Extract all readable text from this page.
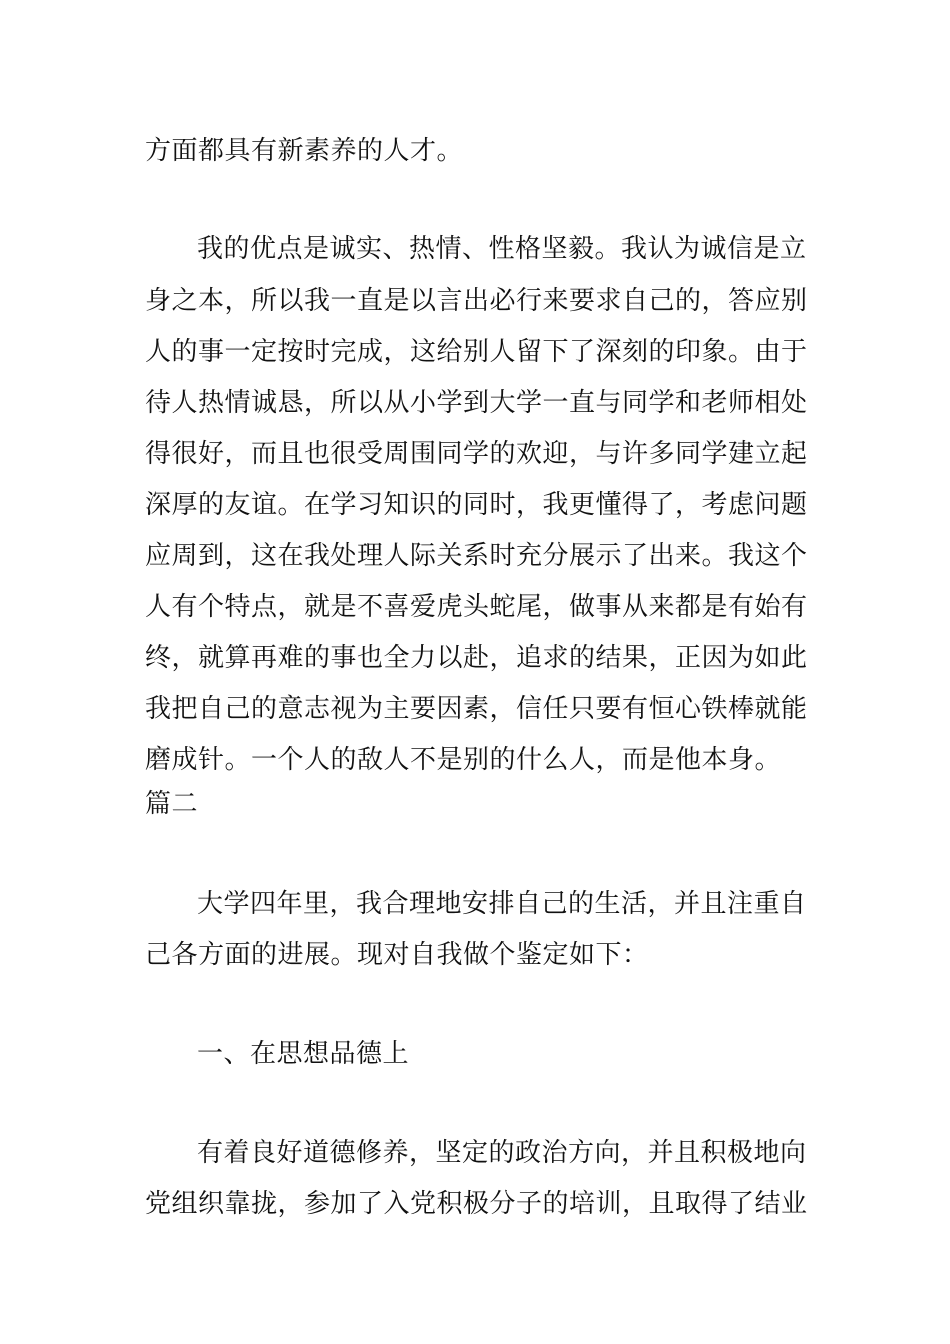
方面都具有新素养的人才。
我的优点是诚实、热情、性格坚毅。我认为诚信是立
身之本，所以我一直是以言出必行来要求自己的，答应别
人的事一定按时完成，这给别人留下了深刻的印象。由于
待人热情诚恳，所以从小学到大学一直与同学和老师相处
得很好，而且也很受周围同学的欢迎，与许多同学建立起
深厚的友谊。在学习知识的同时，我更懂得了，考虑问题
应周到，这在我处理人际关系时充分展示了出来。我这个
人有个特点，就是不喜爱虎头蛇尾，做事从来都是有始有
终，就算再难的事也全力以赴，追求的结果，正因为如此
我把自己的意志视为主要因素，信任只要有恒心铁棒就能
磨成针。一个人的敌人不是别的什么人，而是他本身。
篇二
大学四年里，我合理地安排自己的生活，并且注重自
己各方面的进展。现对自我做个鉴定如下：
一、在思想品德上
有着良好道德修养，坚定的政治方向，并且积极地向
党组织靠拢，参加了入党积极分子的培训，且取得了结业
